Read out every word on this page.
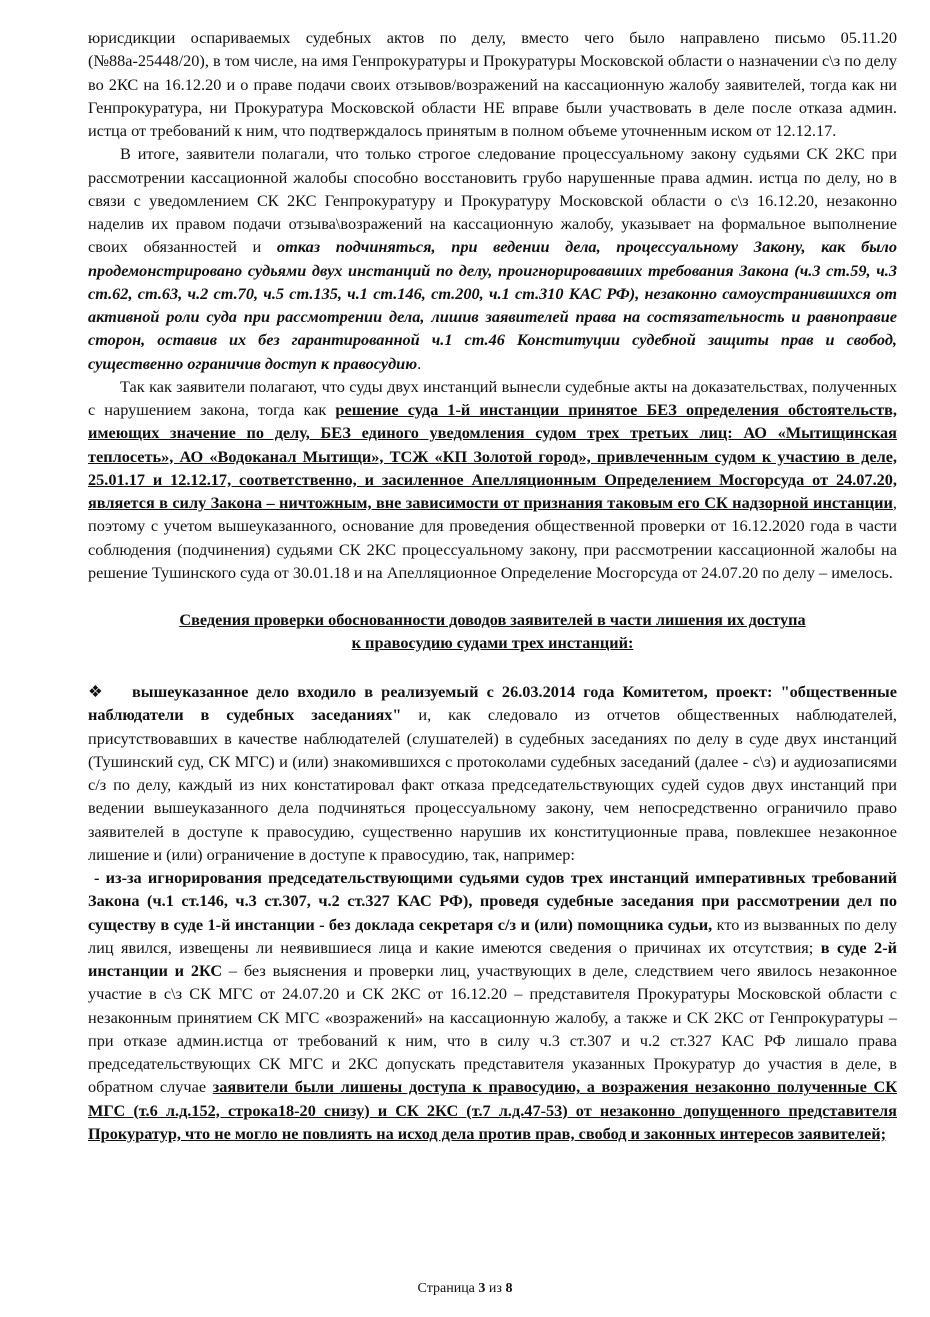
юрисдикции оспариваемых судебных актов по делу, вместо чего было направлено письмо 05.11.20 (№88а-25448/20), в том числе, на имя Генпрокуратуры и Прокуратуры Московской области о назначении с\з по делу во 2КС на 16.12.20 и о праве подачи своих отзывов/возражений на кассационную жалобу заявителей, тогда как ни Генпрокуратура, ни Прокуратура Московской области НЕ вправе были участвовать в деле после отказа админ. истца от требований к ним, что подтверждалось принятым в полном объеме уточненным иском от 12.12.17.

В итоге, заявители полагали, что только строгое следование процессуальному закону судьями СК 2КС при рассмотрении кассационной жалобы способно восстановить грубо нарушенные права админ. истца по делу, но в связи с уведомлением СК 2КС Генпрокуратуру и Прокуратуру Московской области о с\з 16.12.20, незаконно наделив их правом подачи отзыва\возражений на кассационную жалобу, указывает на формальное выполнение своих обязанностей и отказ подчиняться, при ведении дела, процессуальному Закону, как было продемонстрировано судьями двух инстанций по делу, проигнорировавших требования Закона (ч.3 ст.59, ч.3 ст.62, ст.63, ч.2 ст.70, ч.5 ст.135, ч.1 ст.146, ст.200, ч.1 ст.310 КАС РФ), незаконно самоустранившихся от активной роли суда при рассмотрении дела, лишив заявителей права на состязательность и равноправие сторон, оставив их без гарантированной ч.1 ст.46 Конституции судебной защиты прав и свобод, существенно ограничив доступ к правосудию.

Так как заявители полагают, что суды двух инстанций вынесли судебные акты на доказательствах, полученных с нарушением закона, тогда как решение суда 1-й инстанции принятое БЕЗ определения обстоятельств, имеющих значение по делу, БЕЗ единого уведомления судом трех третьих лиц: АО «Мытищинская теплосеть», АО «Водоканал Мытищи», ТСЖ «КП Золотой город», привлеченным судом к участию в деле, 25.01.17 и 12.12.17, соответственно, и засиленное Апелляционным Определением Мосгорсуда от 24.07.20, является в силу Закона – ничтожным, вне зависимости от признания таковым его СК надзорной инстанции, поэтому с учетом вышеуказанного, основание для проведения общественной проверки от 16.12.2020 года в части соблюдения (подчинения) судьями СК 2КС процессуальному закону, при рассмотрении кассационной жалобы на решение Тушинского суда от 30.01.18 и на Апелляционное Определение Мосгорсуда от 24.07.20 по делу – имелось.

Сведения проверки обоснованности доводов заявителей в части лишения их доступа
к правосудию судами трех инстанций:

❖ вышеуказанное дело входило в реализуемый с 26.03.2014 года Комитетом, проект: "общественные наблюдатели в судебных заседаниях" и, как следовало из отчетов общественных наблюдателей, присутствовавших в качестве наблюдателей (слушателей) в судебных заседаниях по делу в суде двух инстанций (Тушинский суд, СК МГС) и (или) знакомившихся с протоколами судебных заседаний (далее - с\з) и аудиозаписями с/з по делу, каждый из них констатировал факт отказа председательствующих судей судов двух инстанций при ведении вышеуказанного дела подчиняться процессуальному закону, чем непосредственно ограничило право заявителей в доступе к правосудию, существенно нарушив их конституционные права, повлекшее незаконное лишение и (или) ограничение в доступе к правосудию, так, например:

- из-за игнорирования председательствующими судьями судов трех инстанций императивных требований Закона (ч.1 ст.146, ч.3 ст.307, ч.2 ст.327 КАС РФ), проведя судебные заседания при рассмотрении дел по существу в суде 1-й инстанции - без доклада секретаря с/з и (или) помощника судьи, кто из вызванных по делу лиц явился, извещены ли неявившиеся лица и какие имеются сведения о причинах их отсутствия; в суде 2-й инстанции и 2КС – без выяснения и проверки лиц, участвующих в деле, следствием чего явилось незаконное участие в с\з СК МГС от 24.07.20 и СК 2КС от 16.12.20 – представителя Прокуратуры Московской области с незаконным принятием СК МГС «возражений» на кассационную жалобу, а также и СК 2КС от Генпрокуратуры – при отказе админ.истца от требований к ним, что в силу ч.3 ст.307 и ч.2 ст.327 КАС РФ лишало права председательствующих СК МГС и 2КС допускать представителя указанных Прокуратур до участия в деле, в обратном случае заявители были лишены доступа к правосудию, а возражения незаконно полученные СК МГС (т.6 л.д.152, строка18-20 снизу) и СК 2КС (т.7 л.д.47-53) от незаконно допущенного представителя Прокуратур, что не могло не повлиять на исход дела против прав, свобод и законных интересов заявителей;

Страница 3 из 8
